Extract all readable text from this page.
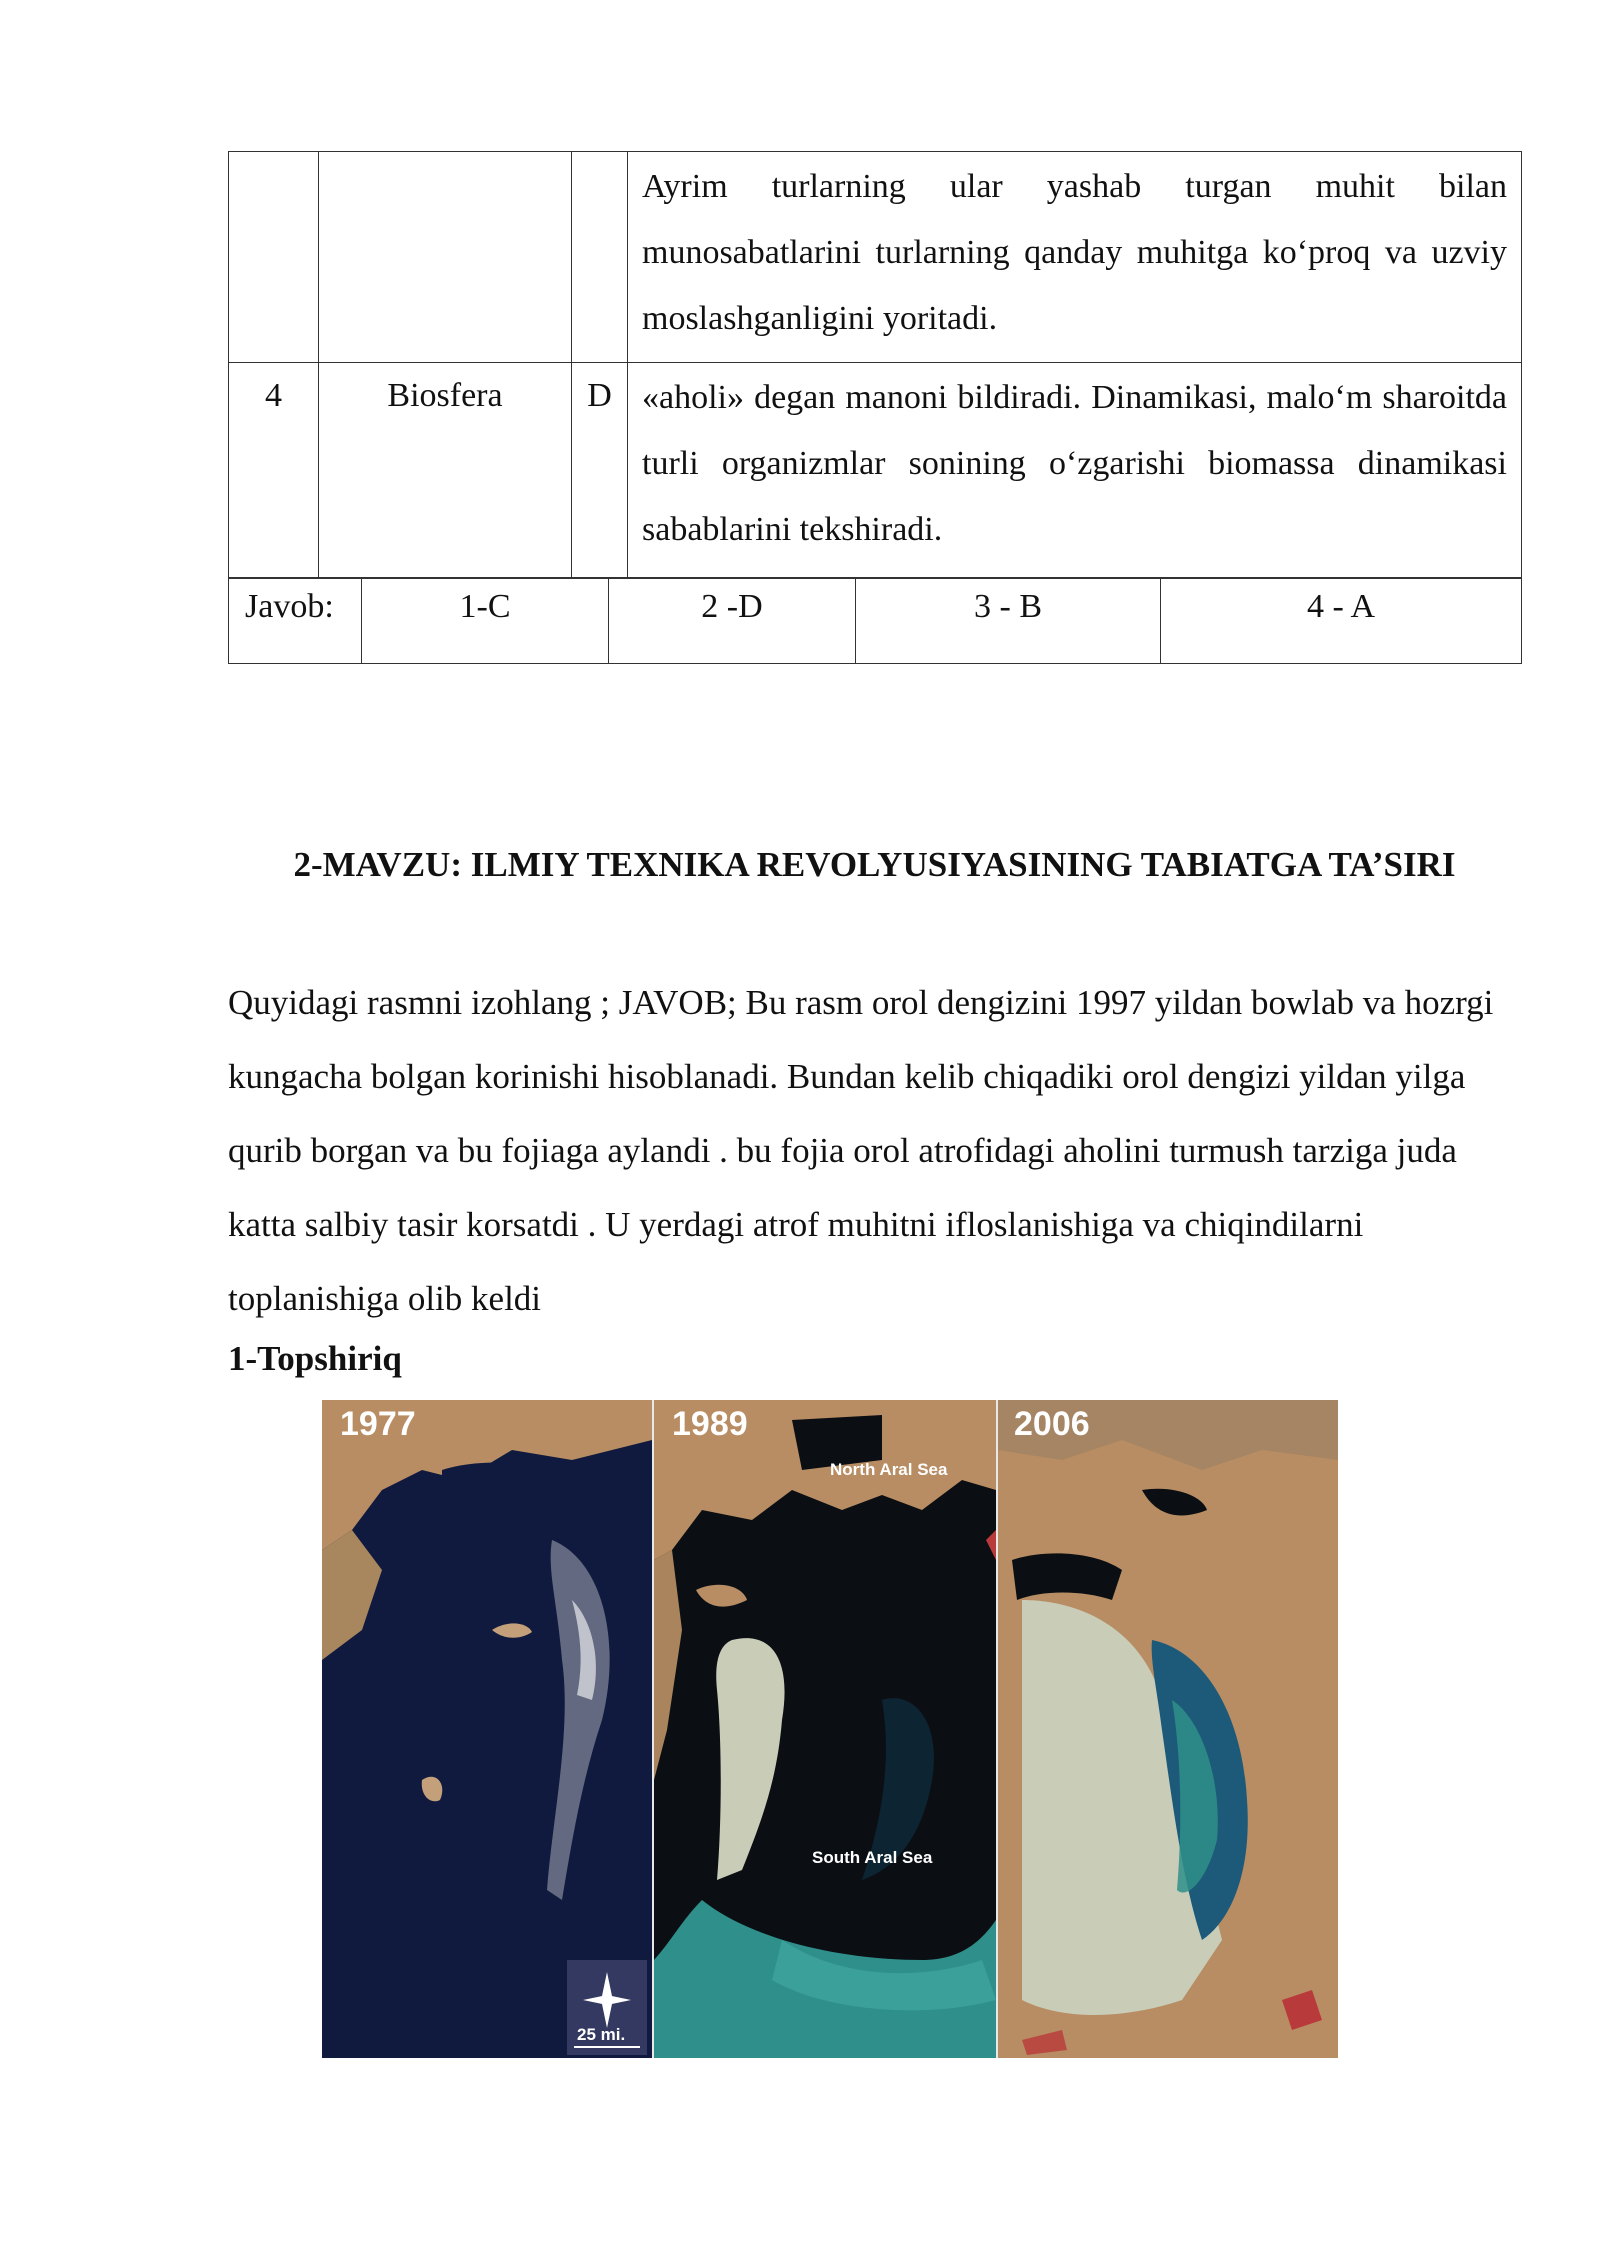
			Ayrim turlarning ular yashab turgan muhit bilan munosabatlarini turlarning qanday muhitga ko‘proq va uzviy moslashganligini yoritadi.
4	Biosfera	D	«aholi» degan manoni bildiradi. Dinamikasi, malo‘m sharoitda turli organizmlar sonining o‘zgarishi biomassa dinamikasi sabablarini tekshiradi.
Javob:	1-C	2 -D	3 - B	4 - A
2-MAVZU: ILMIY TEXNIKA REVOLYUSIYASINING TABIATGA TA’SIRI
Quyidagi rasmni izohlang ; JAVOB; Bu rasm orol dengizini 1997 yildan bowlab va hozrgi kungacha bolgan korinishi hisoblanadi. Bundan kelib chiqadiki orol dengizi yildan yilga qurib borgan va bu fojiaga aylandi . bu fojia orol atrofidagi aholini turmush tarziga juda katta salbiy tasir korsatdi . U yerdagi atrof muhitni ifloslanishiga va chiqindilarni toplanishiga olib keldi
1-Topshiriq
1977
25 mi.
1989
North Aral Sea
South Aral Sea
2006
